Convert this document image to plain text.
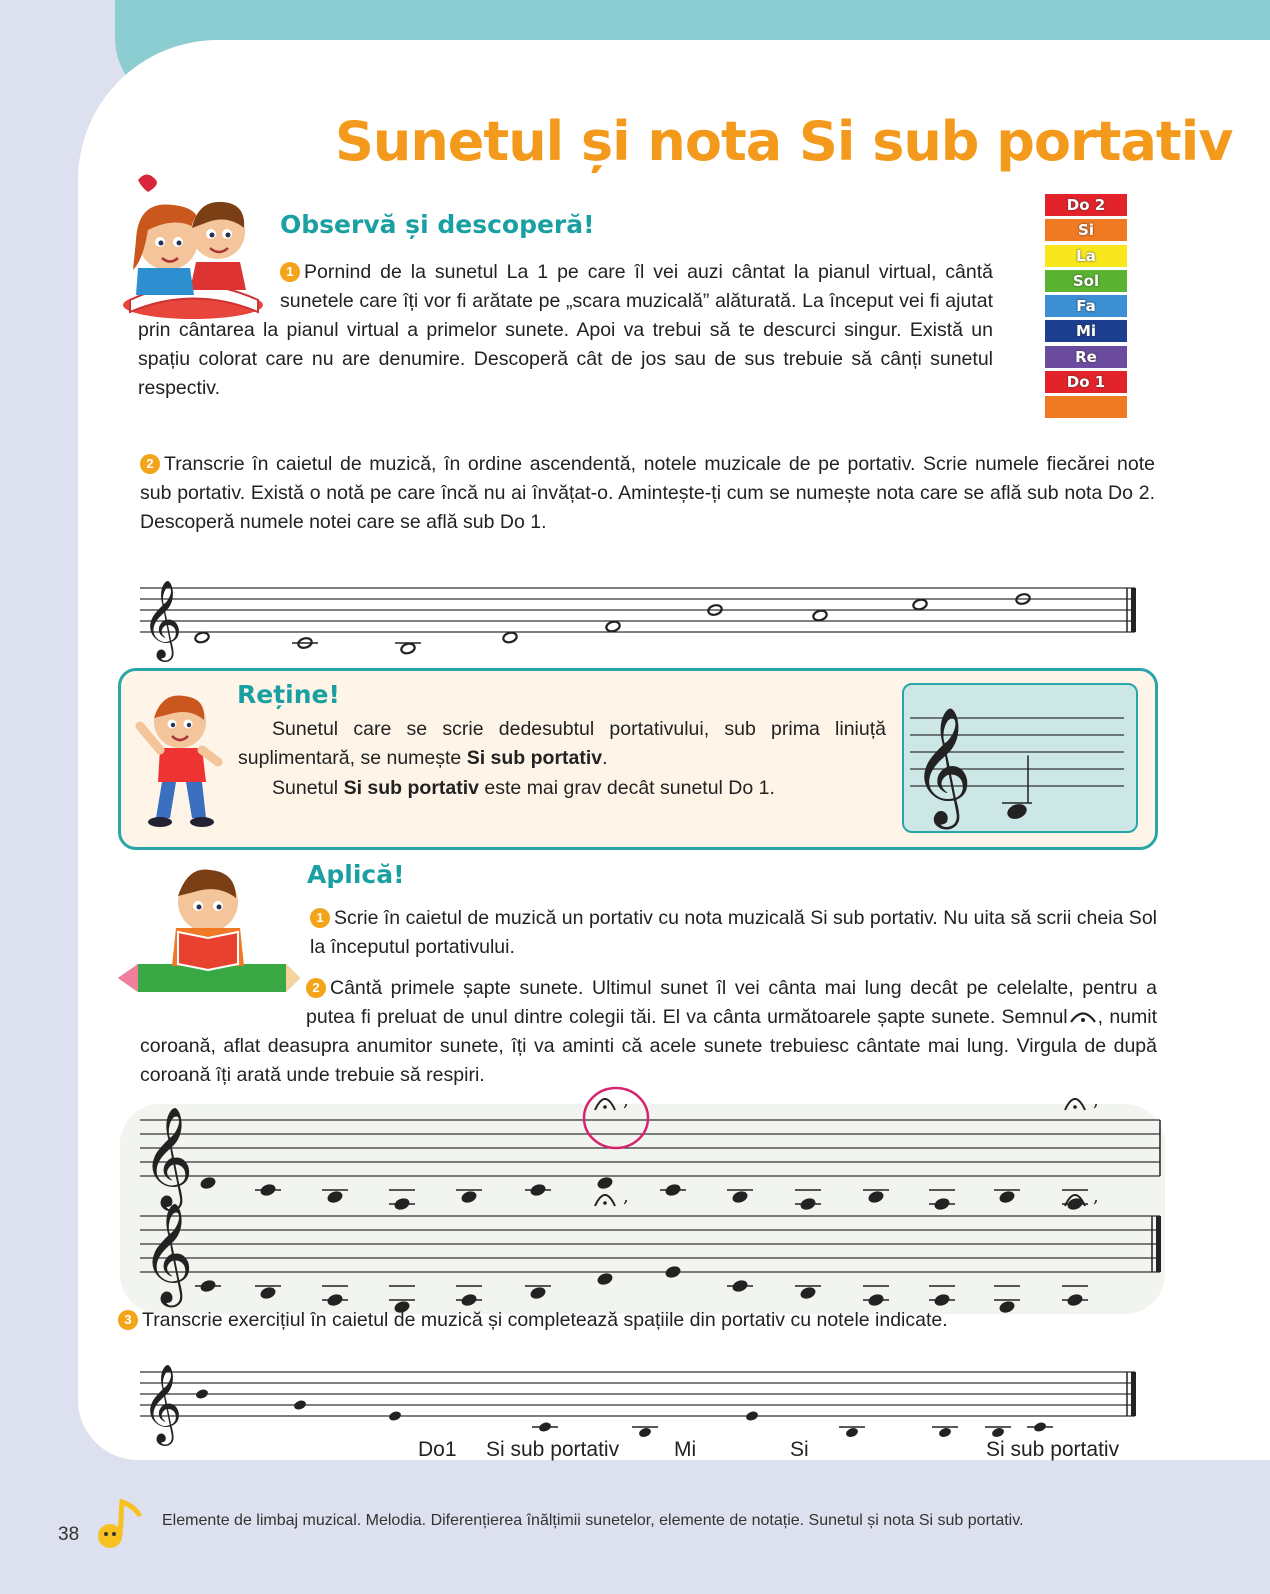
Unitatea 3
Sunetul și nota Si sub portativ
Observă și descoperă!
1 Pornind de la sunetul La 1 pe care îl vei auzi cântat la pianul virtual, cântă sunetele care îți vor fi arătate pe „scara muzicală” alăturată. La început vei fi ajutat prin cântarea la pianul virtual a primelor sunete. Apoi va trebui să te descurci singur. Există un spațiu colorat care nu are denumire. Descoperă cât de jos sau de sus trebuie să cânți sunetul respectiv.
Do 2
Si
La
Sol
Fa
Mi
Re
Do 1
2 Transcrie în caietul de muzică, în ordine ascendentă, notele muzicale de pe portativ. Scrie numele fiecărei note sub portativ. Există o notă pe care încă nu ai învățat-o. Amintește-ți cum se numește nota care se află sub nota Do 2. Descoperă numele notei care se află sub Do 1.
𝄞
Reține!
Sunetul care se scrie dedesubtul portativului, sub prima liniuță suplimentară, se numește Si sub portativ.
Sunetul Si sub portativ este mai grav decât sunetul Do 1.	𝄞
Aplică!
1 Scrie în caietul de muzică un portativ cu nota muzicală Si sub portativ. Nu uita să scrii cheia Sol la începutul portativului.
2 Cântă primele șapte sunete. Ultimul sunet îl vei cânta mai lung decât pe celelalte, pentru a putea fi preluat de unul dintre colegii tăi. El va cânta următoarele șapte sunete. Semnul , numit coroană, aflat deasupra anumitor sunete, îți va aminti că acele sunete trebuiesc cântate mai lung. Virgula de după coroană îți arată unde trebuie să respiri.
𝄞
𝄞
,	,
,	,
3 Transcrie exercițiul în caietul de muzică și completează spațiile din portativ cu notele indicate.
𝄞
Do1 Si sub portativ	Mi	Si	Si sub portativ
38
Elemente de limbaj muzical. Melodia. Diferențierea înălțimii sunetelor, elemente de notație. Sunetul și nota Si sub portativ.
